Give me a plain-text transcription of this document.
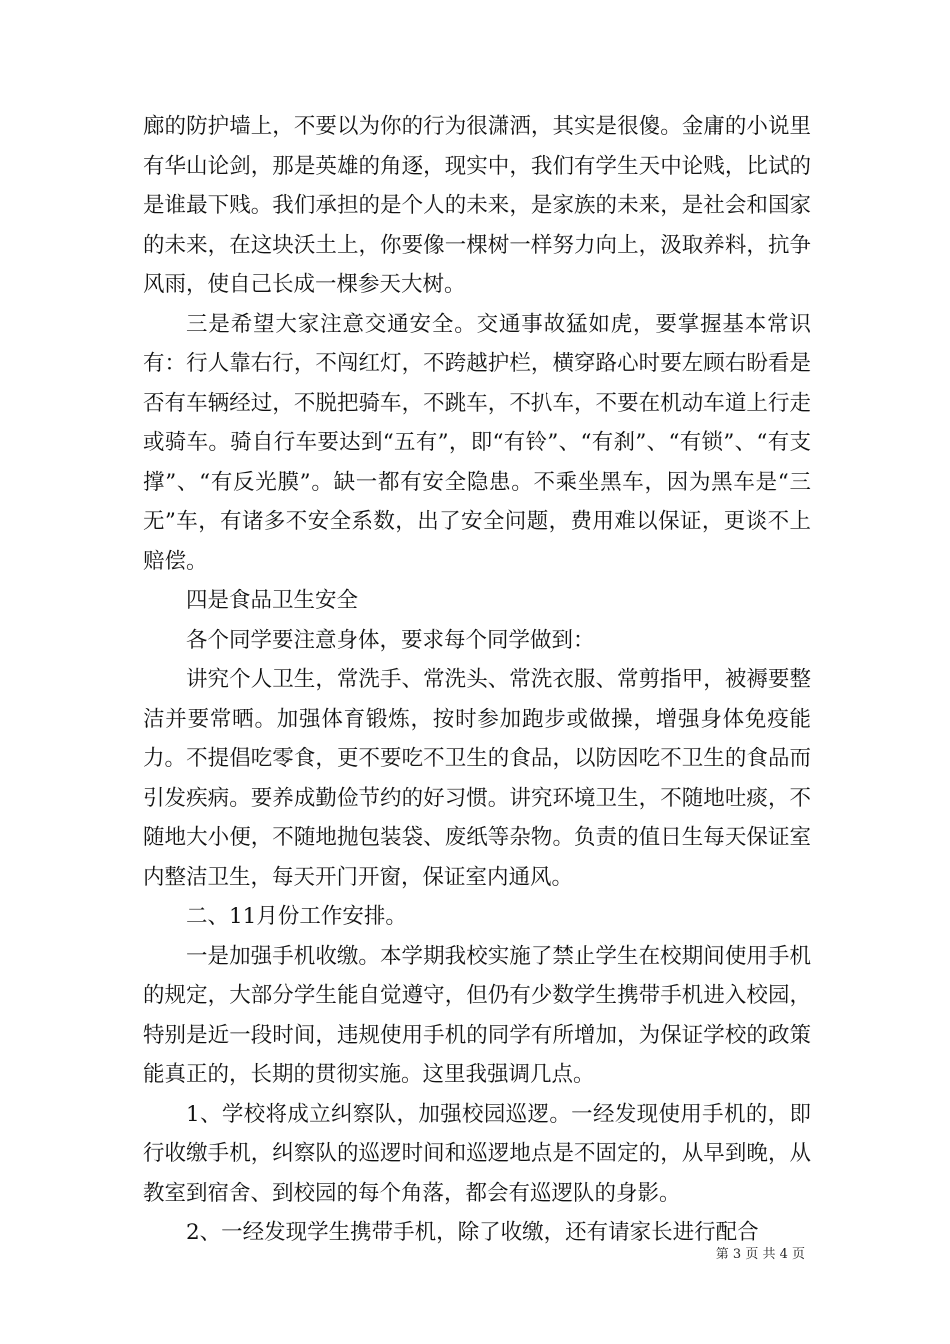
廊的防护墙上，不要以为你的行为很潇洒，其实是很傻。金庸的小说里有华山论剑，那是英雄的角逐，现实中，我们有学生天中论贱，比试的是谁最下贱。我们承担的是个人的未来，是家族的未来，是社会和国家的未来，在这块沃土上，你要像一棵树一样努力向上，汲取养料，抗争风雨，使自己长成一棵参天大树。

三是希望大家注意交通安全。交通事故猛如虎，要掌握基本常识有：行人靠右行，不闯红灯，不跨越护栏，横穿路心时要左顾右盼看是否有车辆经过，不脱把骑车，不跳车，不扒车，不要在机动车道上行走或骑车。骑自行车要达到“五有”，即“有铃”、“有刹”、“有锁”、“有支撑”、“有反光膜”。缺一都有安全隐患。不乘坐黑车，因为黑车是“三无”车，有诸多不安全系数，出了安全问题，费用难以保证，更谈不上赔偿。

四是食品卫生安全

各个同学要注意身体，要求每个同学做到：

讲究个人卫生，常洗手、常洗头、常洗衣服、常剪指甲，被褥要整洁并要常晒。加强体育锻炼，按时参加跑步或做操，增强身体免疫能力。不提倡吃零食，更不要吃不卫生的食品，以防因吃不卫生的食品而引发疾病。要养成勤俭节约的好习惯。讲究环境卫生，不随地吐痰，不随地大小便，不随地抛包装袋、废纸等杂物。负责的值日生每天保证室内整洁卫生，每天开门开窗，保证室内通风。

二、11月份工作安排。

一是加强手机收缴。本学期我校实施了禁止学生在校期间使用手机的规定，大部分学生能自觉遵守，但仍有少数学生携带手机进入校园，特别是近一段时间，违规使用手机的同学有所增加，为保证学校的政策能真正的，长期的贯彻实施。这里我强调几点。

1、学校将成立纠察队，加强校园巡逻。一经发现使用手机的，即行收缴手机，纠察队的巡逻时间和巡逻地点是不固定的，从早到晚，从教室到宿舍、到校园的每个角落，都会有巡逻队的身影。

2、一经发现学生携带手机，除了收缴，还有请家长进行配合

第 3 页 共 4 页
